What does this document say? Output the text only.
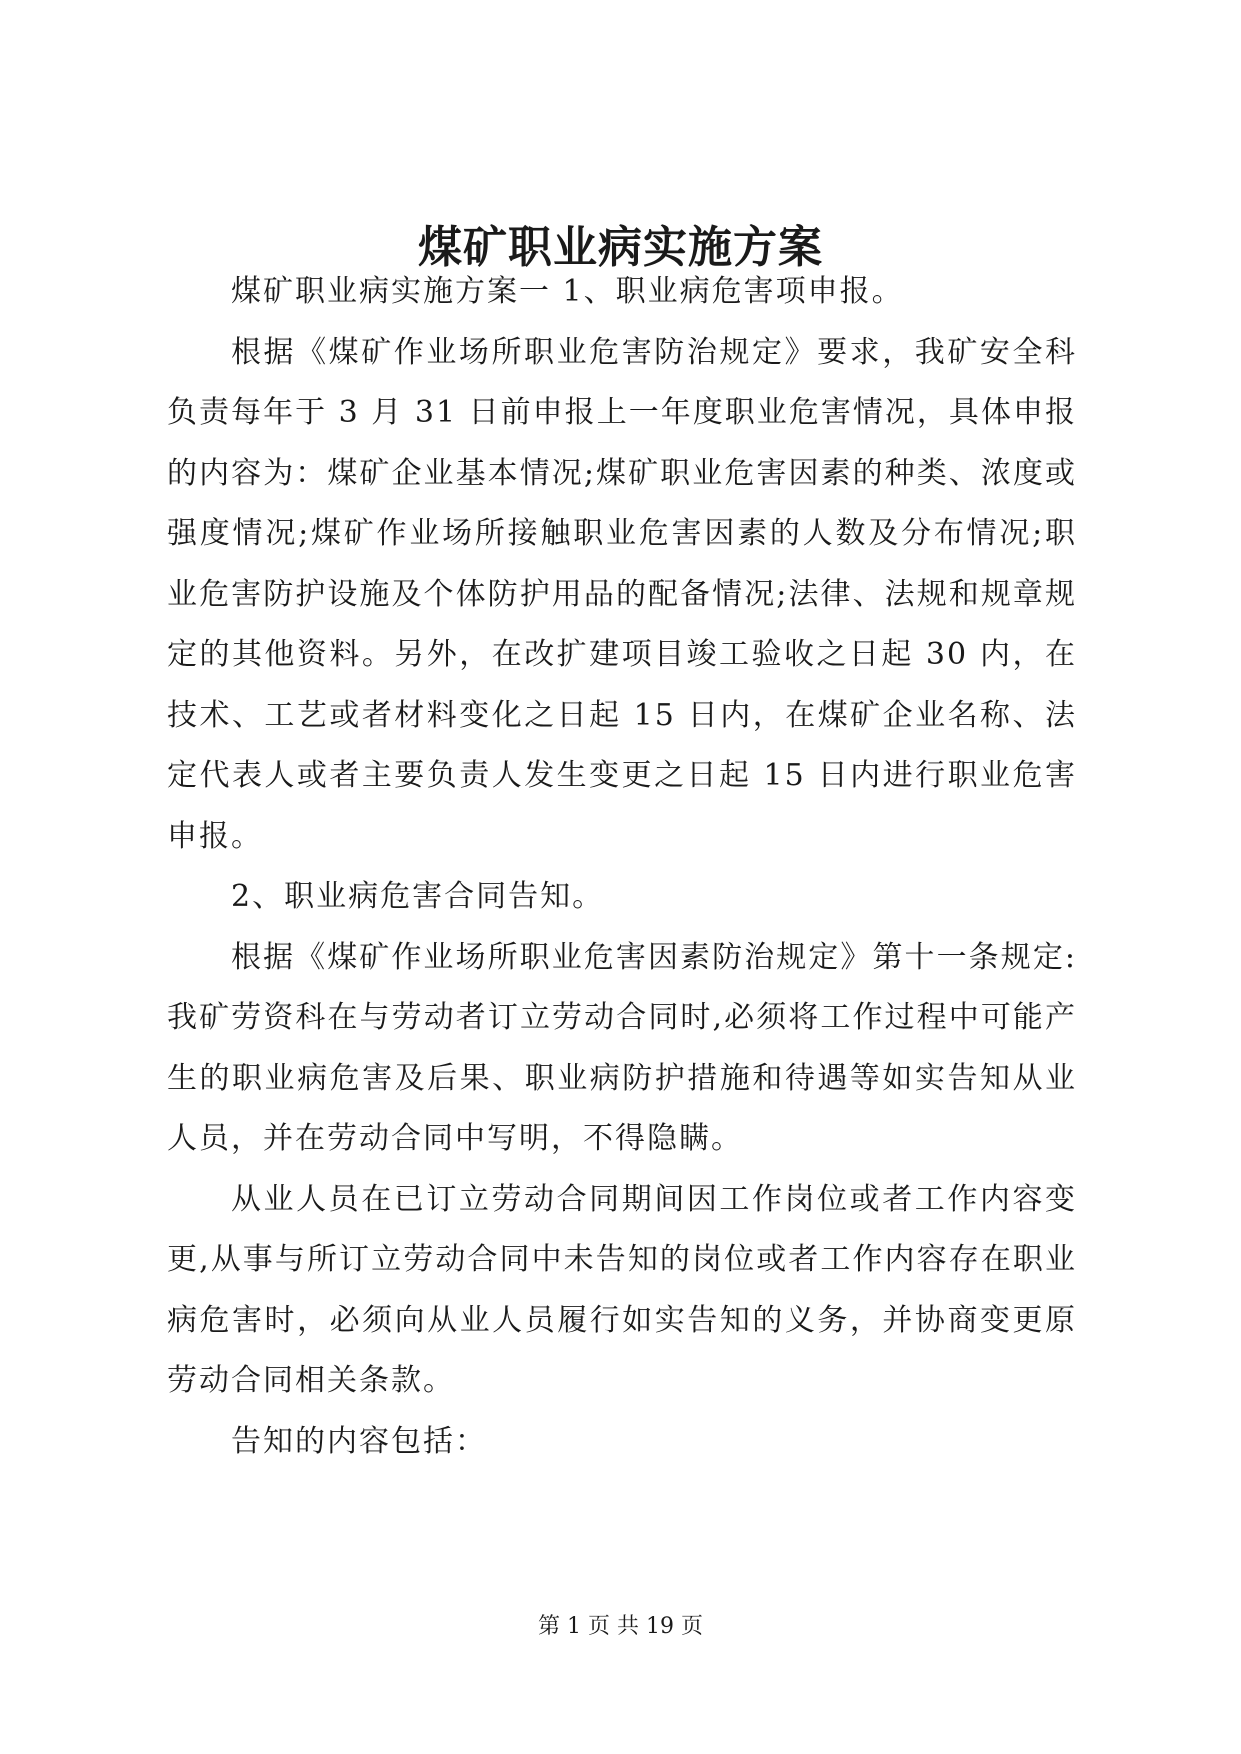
煤矿职业病实施方案

煤矿职业病实施方案一 1、职业病危害项申报。

根据《煤矿作业场所职业危害防治规定》要求，我矿安全科负责每年于 3 月 31 日前申报上一年度职业危害情况，具体申报的内容为：煤矿企业基本情况;煤矿职业危害因素的种类、浓度或强度情况;煤矿作业场所接触职业危害因素的人数及分布情况;职业危害防护设施及个体防护用品的配备情况;法律、法规和规章规定的其他资料。另外，在改扩建项目竣工验收之日起 30 内，在技术、工艺或者材料变化之日起 15 日内，在煤矿企业名称、法定代表人或者主要负责人发生变更之日起 15 日内进行职业危害申报。

2、职业病危害合同告知。

根据《煤矿作业场所职业危害因素防治规定》第十一条规定:我矿劳资科在与劳动者订立劳动合同时,必须将工作过程中可能产生的职业病危害及后果、职业病防护措施和待遇等如实告知从业人员，并在劳动合同中写明，不得隐瞒。

从业人员在已订立劳动合同期间因工作岗位或者工作内容变更,从事与所订立劳动合同中未告知的岗位或者工作内容存在职业病危害时，必须向从业人员履行如实告知的义务，并协商变更原劳动合同相关条款。

告知的内容包括：

第 1 页 共 19 页
